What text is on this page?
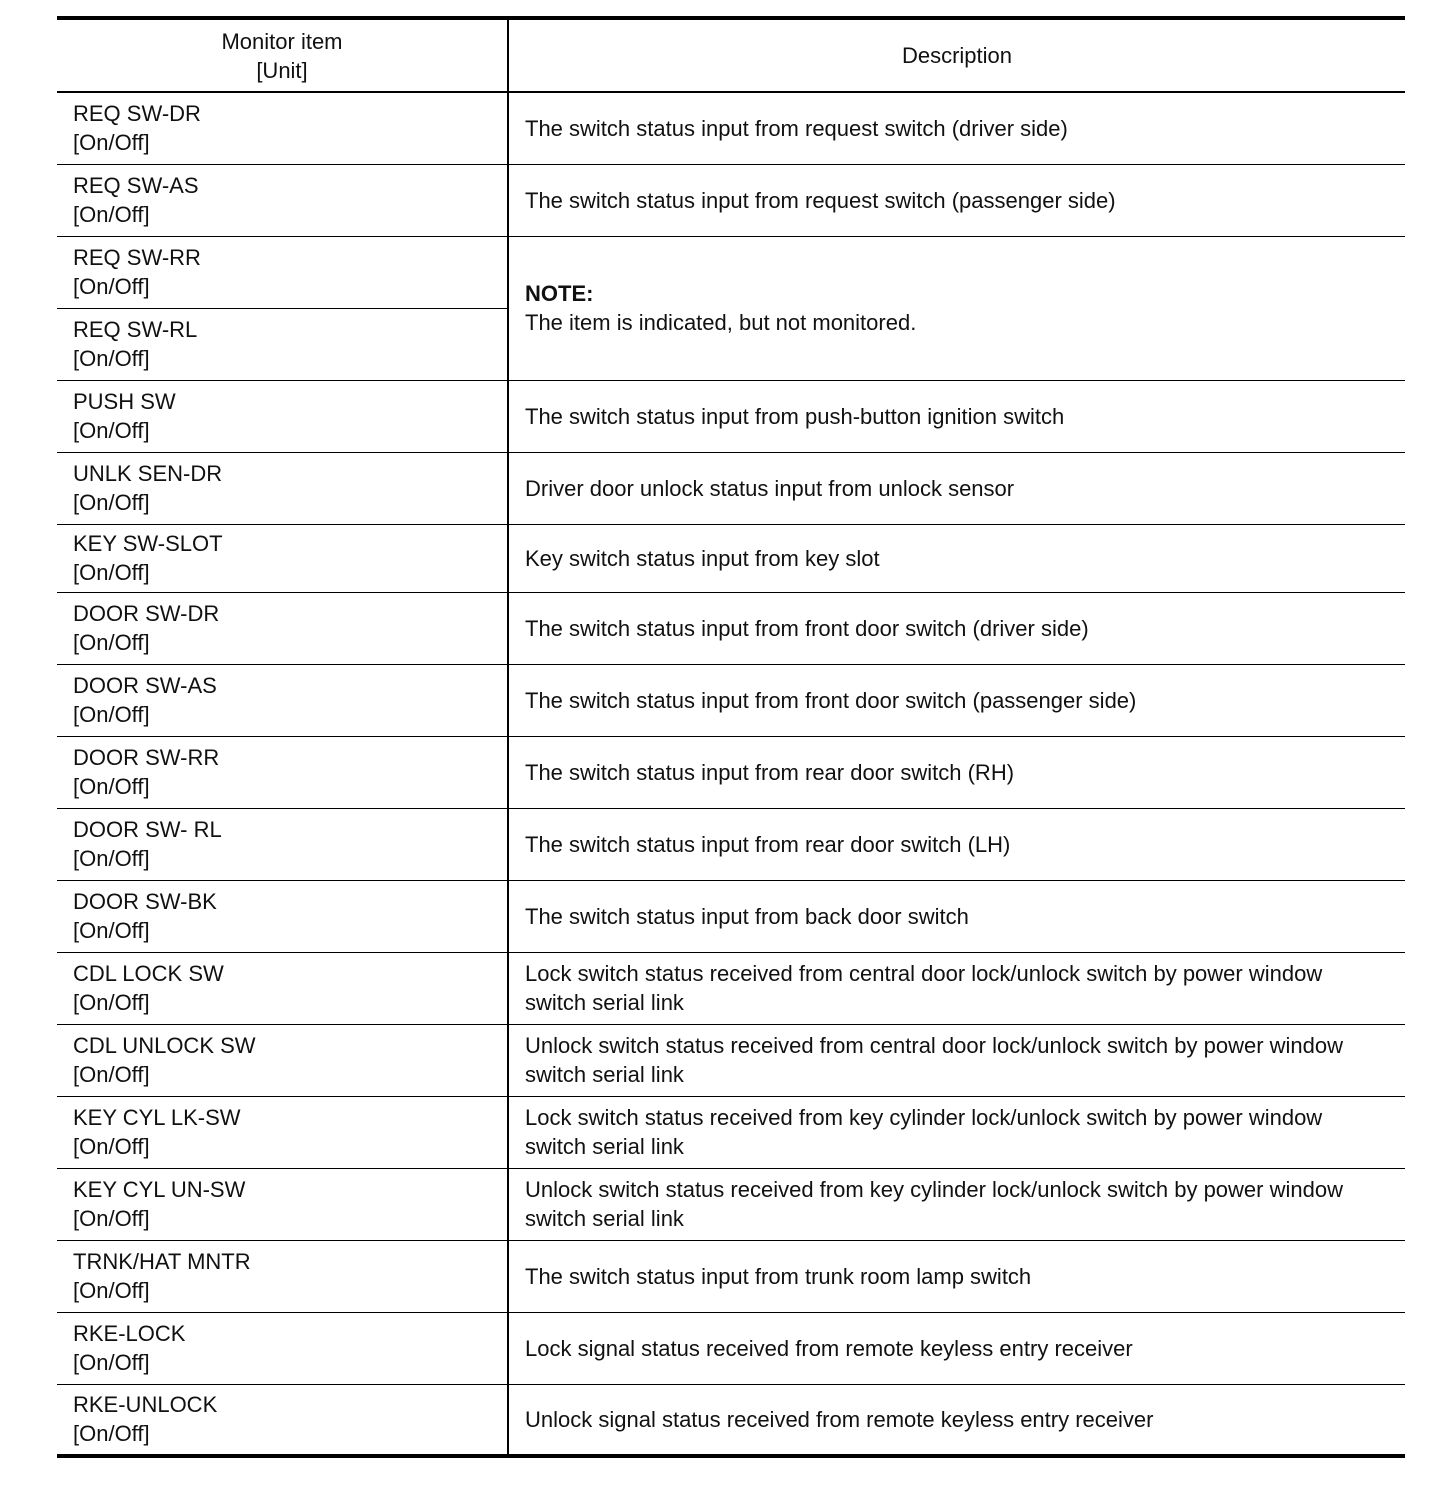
Monitor item
[Unit]	Description

REQ SW-DR
[On/Off]	The switch status input from request switch (driver side)

REQ SW-AS
[On/Off]	The switch status input from request switch (passenger side)

REQ SW-RR
[On/Off]	NOTE:
The item is indicated, but not monitored.

REQ SW-RL
[On/Off]	

PUSH SW
[On/Off]	The switch status input from push-button ignition switch

UNLK SEN-DR
[On/Off]	Driver door unlock status input from unlock sensor

KEY SW-SLOT
[On/Off]	Key switch status input from key slot

DOOR SW-DR
[On/Off]	The switch status input from front door switch (driver side)

DOOR SW-AS
[On/Off]	The switch status input from front door switch (passenger side)

DOOR SW-RR
[On/Off]	The switch status input from rear door switch (RH)

DOOR SW- RL
[On/Off]	The switch status input from rear door switch (LH)

DOOR SW-BK
[On/Off]	The switch status input from back door switch

CDL LOCK SW
[On/Off]	Lock switch status received from central door lock/unlock switch by power window
switch serial link

CDL UNLOCK SW
[On/Off]	Unlock switch status received from central door lock/unlock switch by power window
switch serial link

KEY CYL LK-SW
[On/Off]	Lock switch status received from key cylinder lock/unlock switch by power window
switch serial link

KEY CYL UN-SW
[On/Off]	Unlock switch status received from key cylinder lock/unlock switch by power window
switch serial link

TRNK/HAT MNTR
[On/Off]	The switch status input from trunk room lamp switch

RKE-LOCK
[On/Off]	Lock signal status received from remote keyless entry receiver

RKE-UNLOCK
[On/Off]	Unlock signal status received from remote keyless entry receiver
